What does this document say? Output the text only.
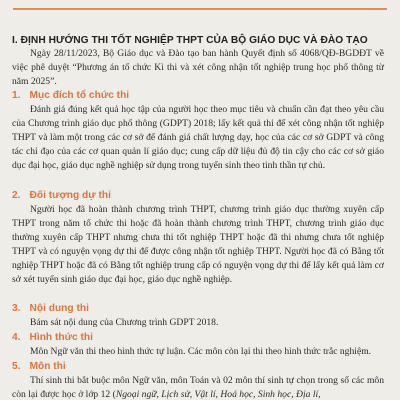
I. ĐỊNH HƯỚNG THI TỐT NGHIỆP THPT CỦA BỘ GIÁO DỤC VÀ ĐÀO TẠO

Ngày 28/11/2023, Bộ Giáo dục và Đào tạo ban hành Quyết định số 4068/QĐ-BGDĐT về việc phê duyệt “Phương án tổ chức Kì thi và xét công nhận tốt nghiệp trung học phổ thông từ năm 2025”.

1. Mục đích tổ chức thi

Đánh giá đúng kết quả học tập của người học theo mục tiêu và chuẩn cần đạt theo yêu cầu của Chương trình giáo dục phổ thông (GDPT) 2018; lấy kết quả thi để xét công nhận tốt nghiệp THPT và làm một trong các cơ sở để đánh giá chất lượng dạy, học của các cơ sở GDPT và công tác chỉ đạo của các cơ quan quản lí giáo dục; cung cấp dữ liệu đủ độ tin cậy cho các cơ sở giáo dục đại học, giáo dục nghề nghiệp sử dụng trong tuyển sinh theo tinh thần tự chủ.

2. Đối tượng dự thi

Người học đã hoàn thành chương trình THPT, chương trình giáo dục thường xuyên cấp THPT trong năm tổ chức thi hoặc đã hoàn thành chương trình THPT, chương trình giáo dục thường xuyên cấp THPT nhưng chưa thi tốt nghiệp THPT hoặc đã thi nhưng chưa tốt nghiệp THPT và có nguyện vọng dự thi để được công nhận tốt nghiệp THPT. Người học đã có Bằng tốt nghiệp THPT hoặc đã có Bằng tốt nghiệp trung cấp có nguyện vọng dự thi để lấy kết quả làm cơ sở xét tuyển sinh giáo dục đại học, giáo dục nghề nghiệp.

3. Nội dung thi

Bám sát nội dung của Chương trình GDPT 2018.

4. Hình thức thi

Môn Ngữ văn thi theo hình thức tự luận. Các môn còn lại thi theo hình thức trắc nghiệm.

5. Môn thi

Thí sinh thi bắt buộc môn Ngữ văn, môn Toán và 02 môn thí sinh tự chọn trong số các môn còn lại được học ở lớp 12 (Ngoại ngữ, Lịch sử, Vật lí, Hoá học, Sinh học, Địa lí,
